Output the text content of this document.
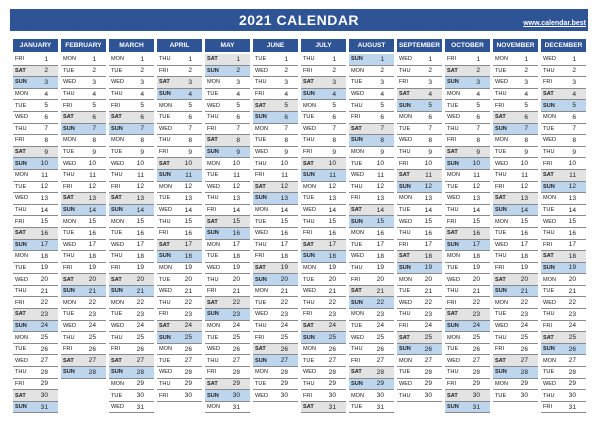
2021 CALENDAR	www.calendar.best
JANUARY
FRI	1
SAT	2
SUN	3
MON	4
TUE	5
WED	6
THU	7
FRI	8
SAT	9
SUN	10
MON	11
TUE	12
WED	13
THU	14
FRI	15
SAT	16
SUN	17
MON	18
TUE	19
WED	20
THU	21
FRI	22
SAT	23
SUN	24
MON	25
TUE	26
WED	27
THU	28
FRI	29
SAT	30
SUN	31
FEBRUARY
MON	1
TUE	2
WED	3
THU	4
FRI	5
SAT	6
SUN	7
MON	8
TUE	9
WED	10
THU	11
FRI	12
SAT	13
SUN	14
MON	15
TUE	16
WED	17
THU	18
FRI	19
SAT	20
SUN	21
MON	22
TUE	23
WED	24
THU	25
FRI	26
SAT	27
SUN	28
MARCH
MON	1
TUE	2
WED	3
THU	4
FRI	5
SAT	6
SUN	7
MON	8
TUE	9
WED	10
THU	11
FRI	12
SAT	13
SUN	14
MON	15
TUE	16
WED	17
THU	18
FRI	19
SAT	20
SUN	21
MON	22
TUE	23
WED	24
THU	25
FRI	26
SAT	27
SUN	28
MON	29
TUE	30
WED	31
APRIL
THU	1
FRI	2
SAT	3
SUN	4
MON	5
TUE	6
WED	7
THU	8
FRI	9
SAT	10
SUN	11
MON	12
TUE	13
WED	14
THU	15
FRI	16
SAT	17
SUN	18
MON	19
TUE	20
WED	21
THU	22
FRI	23
SAT	24
SUN	25
MON	26
TUE	27
WED	28
THU	29
FRI	30
MAY
SAT	1
SUN	2
MON	3
TUE	4
WED	5
THU	6
FRI	7
SAT	8
SUN	9
MON	10
TUE	11
WED	12
THU	13
FRI	14
SAT	15
SUN	16
MON	17
TUE	18
WED	19
THU	20
FRI	21
SAT	22
SUN	23
MON	24
TUE	25
WED	26
THU	27
FRI	28
SAT	29
SUN	30
MON	31
JUNE
TUE	1
WED	2
THU	3
FRI	4
SAT	5
SUN	6
MON	7
TUE	8
WED	9
THU	10
FRI	11
SAT	12
SUN	13
MON	14
TUE	15
WED	16
THU	17
FRI	18
SAT	19
SUN	20
MON	21
TUE	22
WED	23
THU	24
FRI	25
SAT	26
SUN	27
MON	28
TUE	29
WED	30
JULY
THU	1
FRI	2
SAT	3
SUN	4
MON	5
TUE	6
WED	7
THU	8
FRI	9
SAT	10
SUN	11
MON	12
TUE	13
WED	14
THU	15
FRI	16
SAT	17
SUN	18
MON	19
TUE	20
WED	21
THU	22
FRI	23
SAT	24
SUN	25
MON	26
TUE	27
WED	28
THU	29
FRI	30
SAT	31
AUGUST
SUN	1
MON	2
TUE	3
WED	4
THU	5
FRI	6
SAT	7
SUN	8
MON	9
TUE	10
WED	11
THU	12
FRI	13
SAT	14
SUN	15
MON	16
TUE	17
WED	18
THU	19
FRI	20
SAT	21
SUN	22
MON	23
TUE	24
WED	25
THU	26
FRI	27
SAT	28
SUN	29
MON	30
TUE	31
SEPTEMBER
WED	1
THU	2
FRI	3
SAT	4
SUN	5
MON	6
TUE	7
WED	8
THU	9
FRI	10
SAT	11
SUN	12
MON	13
TUE	14
WED	15
THU	16
FRI	17
SAT	18
SUN	19
MON	20
TUE	21
WED	22
THU	23
FRI	24
SAT	25
SUN	26
MON	27
TUE	28
WED	29
THU	30
OCTOBER
FRI	1
SAT	2
SUN	3
MON	4
TUE	5
WED	6
THU	7
FRI	8
SAT	9
SUN	10
MON	11
TUE	12
WED	13
THU	14
FRI	15
SAT	16
SUN	17
MON	18
TUE	19
WED	20
THU	21
FRI	22
SAT	23
SUN	24
MON	25
TUE	26
WED	27
THU	28
FRI	29
SAT	30
SUN	31
NOVEMBER
MON	1
TUE	2
WED	3
THU	4
FRI	5
SAT	6
SUN	7
MON	8
TUE	9
WED	10
THU	11
FRI	12
SAT	13
SUN	14
MON	15
TUE	16
WED	17
THU	18
FRI	19
SAT	20
SUN	21
MON	22
TUE	23
WED	24
THU	25
FRI	26
SAT	27
SUN	28
MON	29
TUE	30
DECEMBER
WED	1
THU	2
FRI	3
SAT	4
SUN	5
MON	6
TUE	7
WED	8
THU	9
FRI	10
SAT	11
SUN	12
MON	13
TUE	14
WED	15
THU	16
FRI	17
SAT	18
SUN	19
MON	20
TUE	21
WED	22
THU	23
FRI	24
SAT	25
SUN	26
MON	27
TUE	28
WED	29
THU	30
FRI	31
